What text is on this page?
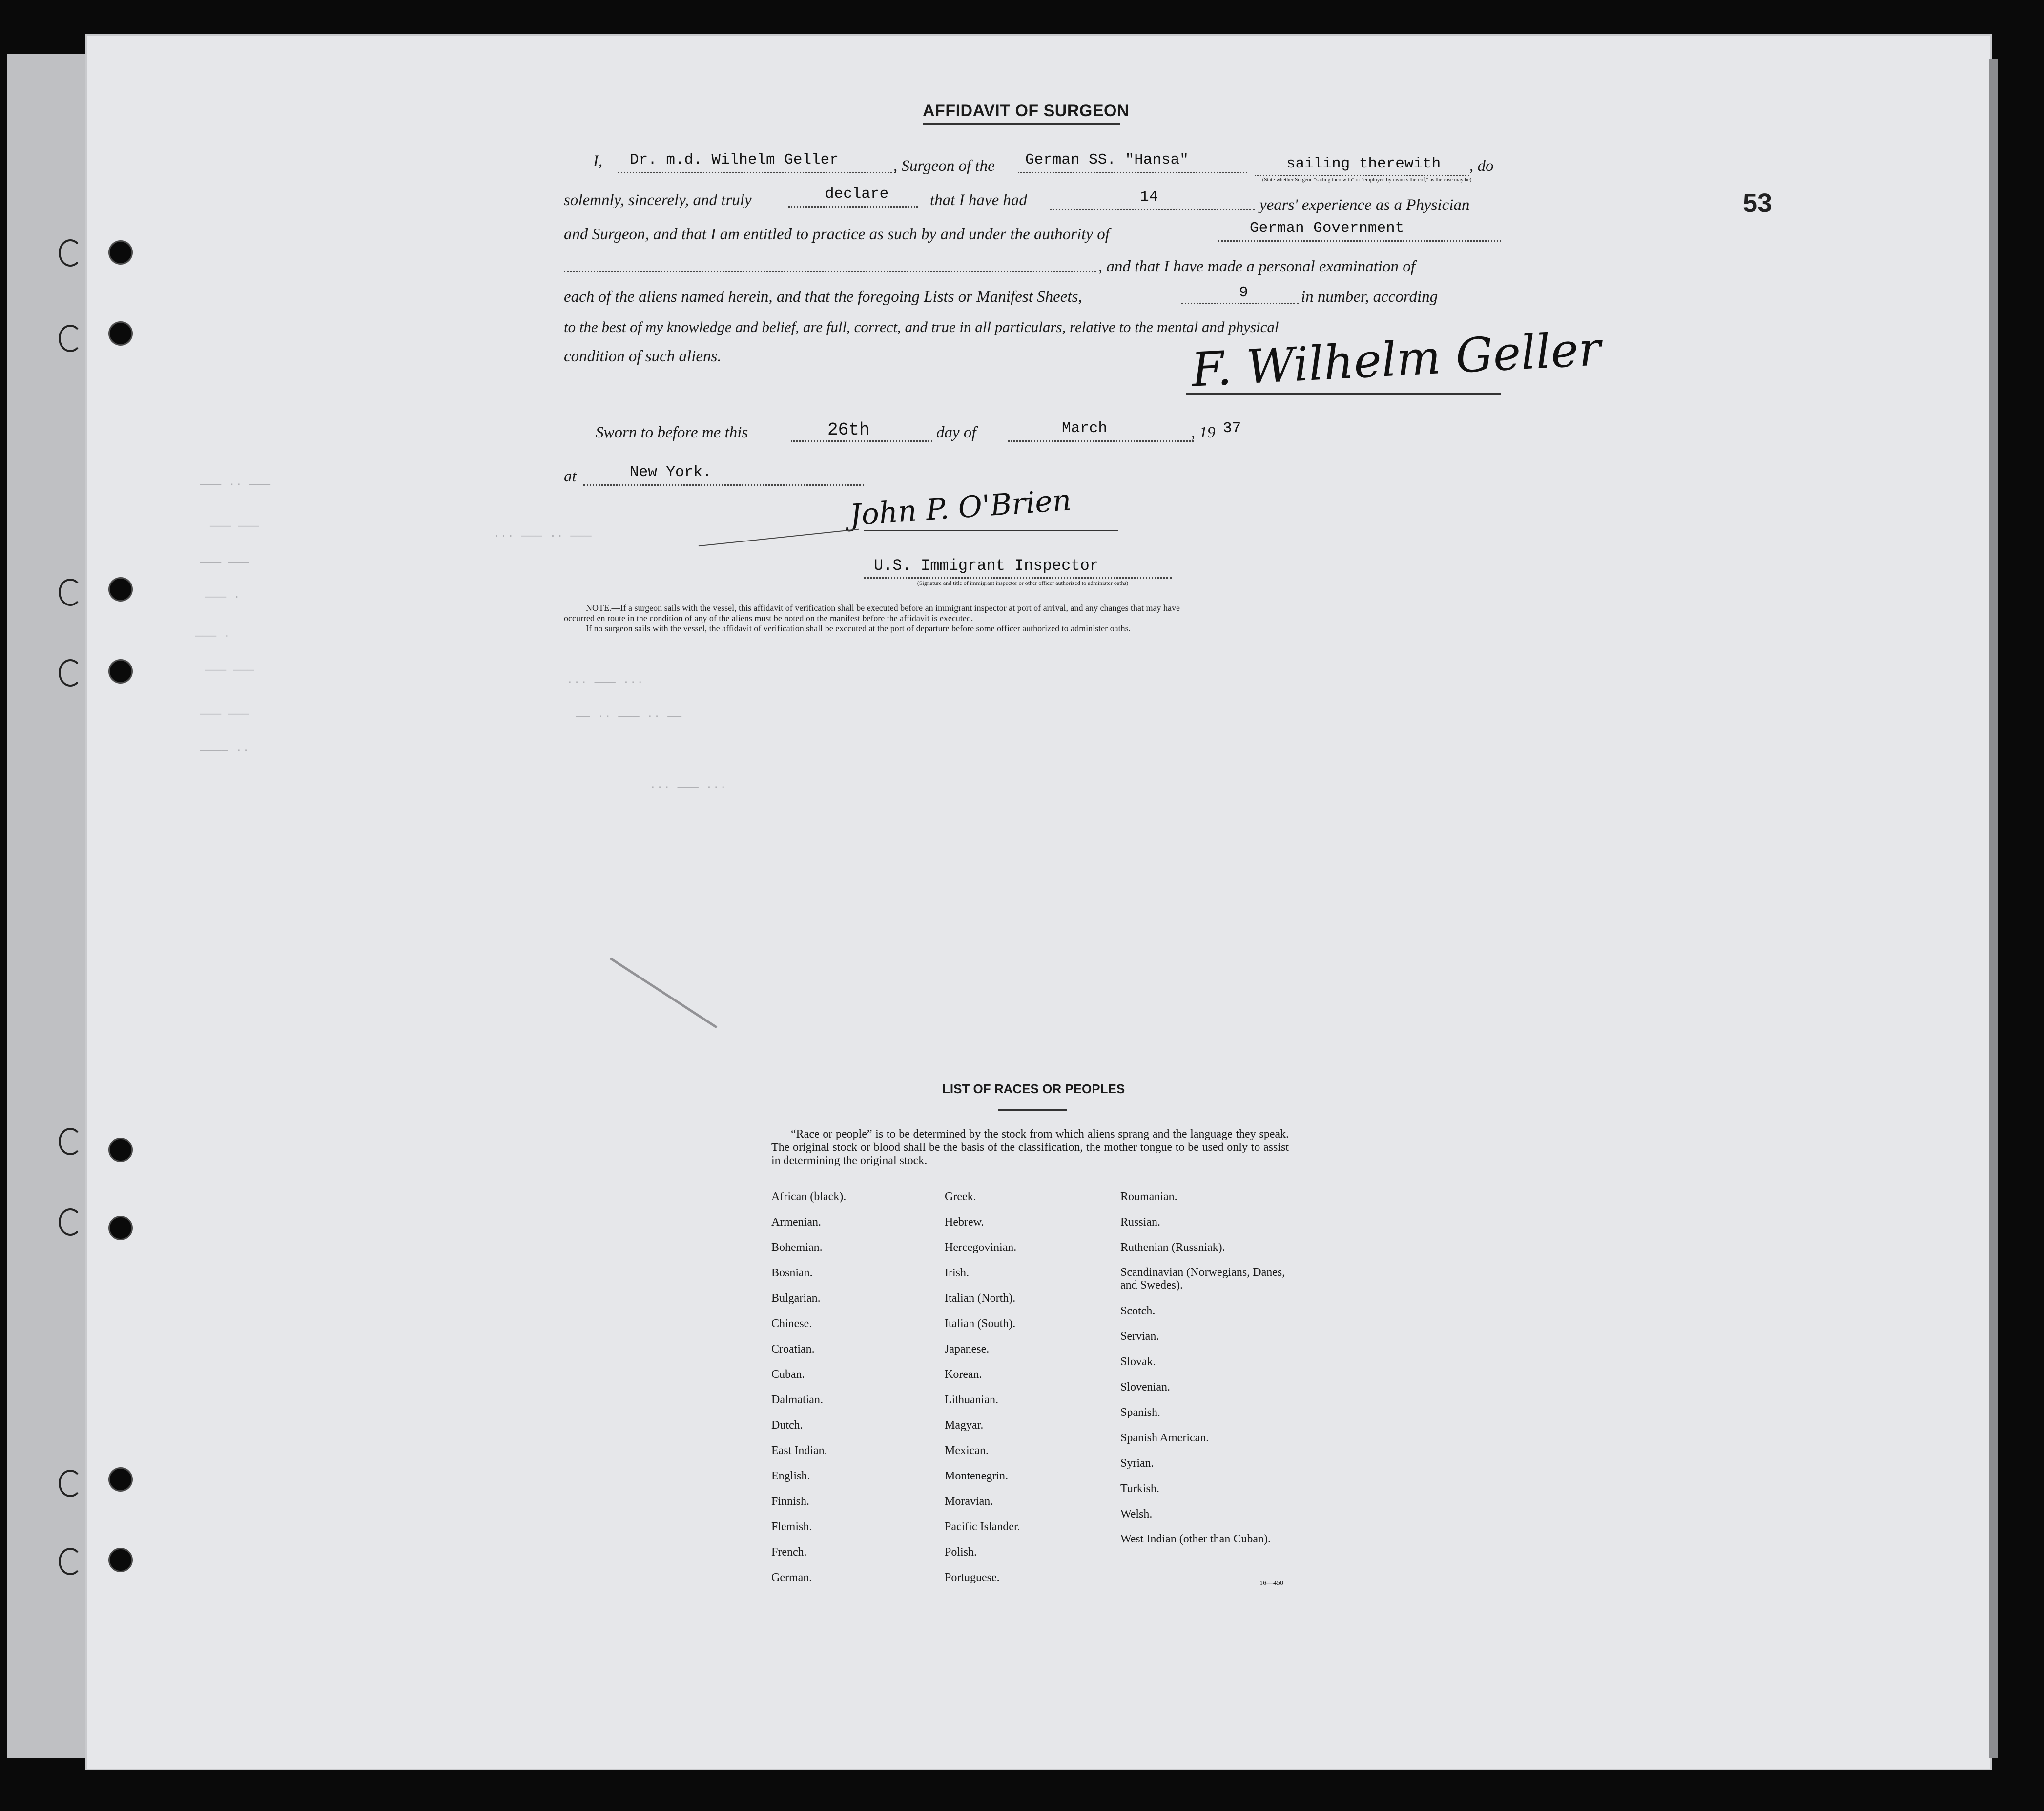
53
AFFIDAVIT OF SURGEON
I, Dr. m.d. Wilhelm Geller	, Surgeon of the German SS. "Hansa"	sailing therewith , do
(State whether Surgeon "sailing therewith" or "employed by owners thereof," as the case may be)
solemnly, sincerely, and truly	declare	that I have had	14	years' experience as a Physician
and Surgeon, and that I am entitled to practice as such by and under the authority of	German Government
, and that I have made a personal examination of
each of the aliens named herein, and that the foregoing Lists or Manifest Sheets,	9	in number, according
to the best of my knowledge and belief, are full, correct, and true in all particulars, relative to the mental and physical
condition of such aliens.	F. Wilhelm Geller
Sworn to before me this	26th	day of	March	, 19 37
at	New York.
John P. O'Brien
U.S. Immigrant Inspector
(Signature and title of immigrant inspector or other officer authorized to administer oaths)
NOTE.—If a surgeon sails with the vessel, this affidavit of verification shall be executed before an immigrant inspector at port of arrival, and any changes that may have
occurred en route in the condition of any of the aliens must be noted on the manifest before the affidavit is executed.
If no surgeon sails with the vessel, the affidavit of verification shall be executed at the port of departure before some officer authorized to administer oaths.
——— ·· ———
——— ———
——— ———
——— ·
——— ·
——— ———
——— ———
———— ··
··· ——— ·· ———
··· ——— ···
—— ·· ——— ·· ——
··· ——— ···
LIST OF RACES OR PEOPLES
“Race or people” is to be determined by the stock from which aliens sprang and the language they speak. The original stock or blood shall be the basis of the classification, the mother tongue to be used only to assist in determining the original stock.
African (black).
Armenian.
Bohemian.
Bosnian.
Bulgarian.
Chinese.
Croatian.
Cuban.
Dalmatian.
Dutch.
East Indian.
English.
Finnish.
Flemish.
French.
German.
Greek.
Hebrew.
Hercegovinian.
Irish.
Italian (North).
Italian (South).
Japanese.
Korean.
Lithuanian.
Magyar.
Mexican.
Montenegrin.
Moravian.
Pacific Islander.
Polish.
Portuguese.
Roumanian.
Russian.
Ruthenian (Russniak).
Scandinavian (Norwegians, Danes, and Swedes).
Scotch.
Servian.
Slovak.
Slovenian.
Spanish.
Spanish American.
Syrian.
Turkish.
Welsh.
West Indian (other than Cuban).
16—450
